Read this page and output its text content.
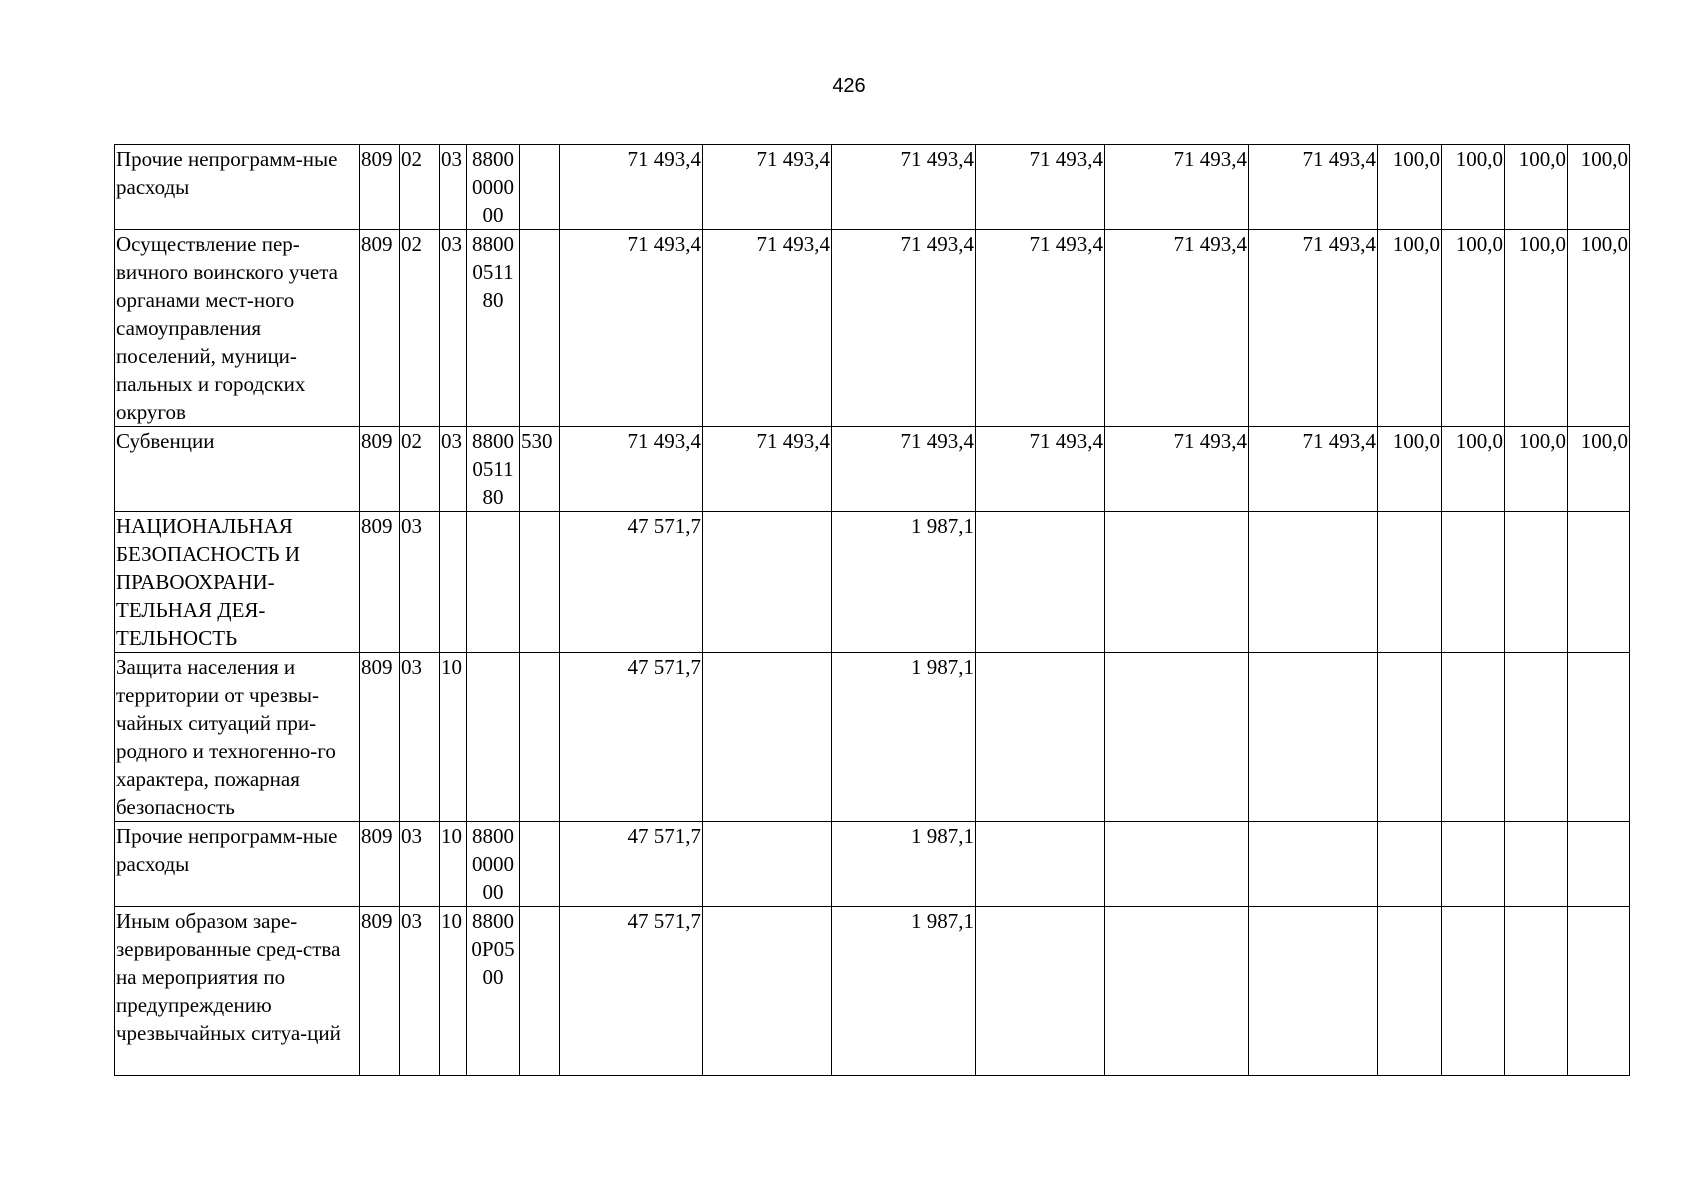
426
Прочие непрограмм-ные расходы	809	02	03	88000000 00		71 493,4	71 493,4	71 493,4	71 493,4	71 493,4	71 493,4	100,0	100,0	100,0	100,0
Осуществление пер-вичного воинского учета органами мест-ного самоуправления поселений, муници-пальных и городских округов	809	02	03	88000511 80		71 493,4	71 493,4	71 493,4	71 493,4	71 493,4	71 493,4	100,0	100,0	100,0	100,0
Субвенции	809	02	03	88000511 80	530	71 493,4	71 493,4	71 493,4	71 493,4	71 493,4	71 493,4	100,0	100,0	100,0	100,0
НАЦИОНАЛЬНАЯ БЕЗОПАСНОСТЬ И ПРАВООХРАНИ-ТЕЛЬНАЯ ДЕЯ-ТЕЛЬНОСТЬ	809	03				47 571,7		1 987,1							
Защита населения и территории от чрезвы-чайных ситуаций при-родного и техногенно-го характера, пожарная безопасность	809	03	10			47 571,7		1 987,1							
Прочие непрограмм-ные расходы	809	03	10	88000000 00		47 571,7		1 987,1							
Иным образом заре-зервированные сред-ства на мероприятия по предупреждению чрезвычайных ситуа-ций	809	03	10	88000Р05 00		47 571,7		1 987,1							
